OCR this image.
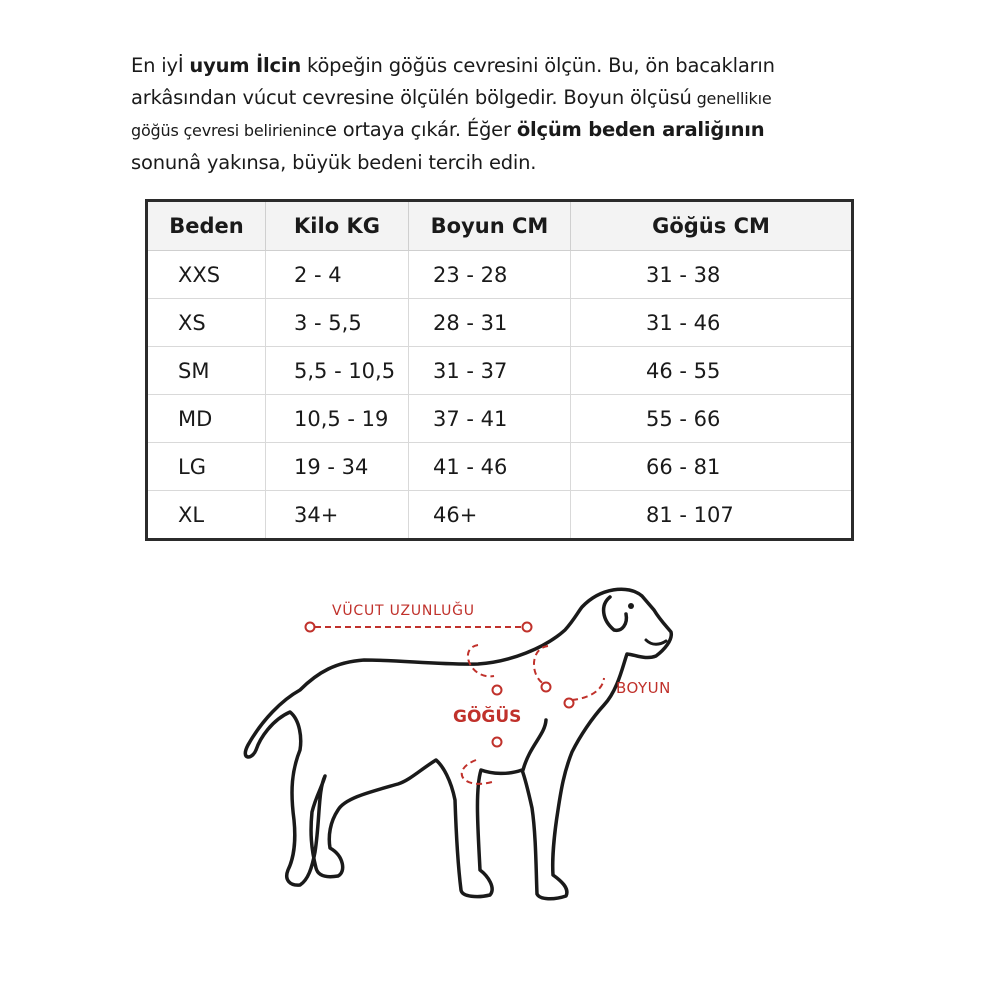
En iyİ uyum İlcin köpeğin göğüs cevresini ölçün. Bu, ön bacakların
arkâsından vúcut cevresine ölçülén bölgedir. Boyun ölçüsú genellikıe
göğüs çevresi belirienince ortaya çıkár. Éğer ölçüm beden araliğının
sonunâ yakınsa, büyük bedeni tercih edin.
Beden	Kilo KG	Boyun CM	Göğüs CM
XXS	2 - 4	23 - 28	31 - 38
XS	3 - 5,5	28 - 31	31 - 46
SM	5,5 - 10,5	31 - 37	46 - 55
MD	10,5 - 19	37 - 41	55 - 66
LG	19 - 34	41 - 46	66 - 81
XL	34+	46+	81 - 107
VÜCUT UZUNLUĞU
GÖĞÜS
BOYUN
